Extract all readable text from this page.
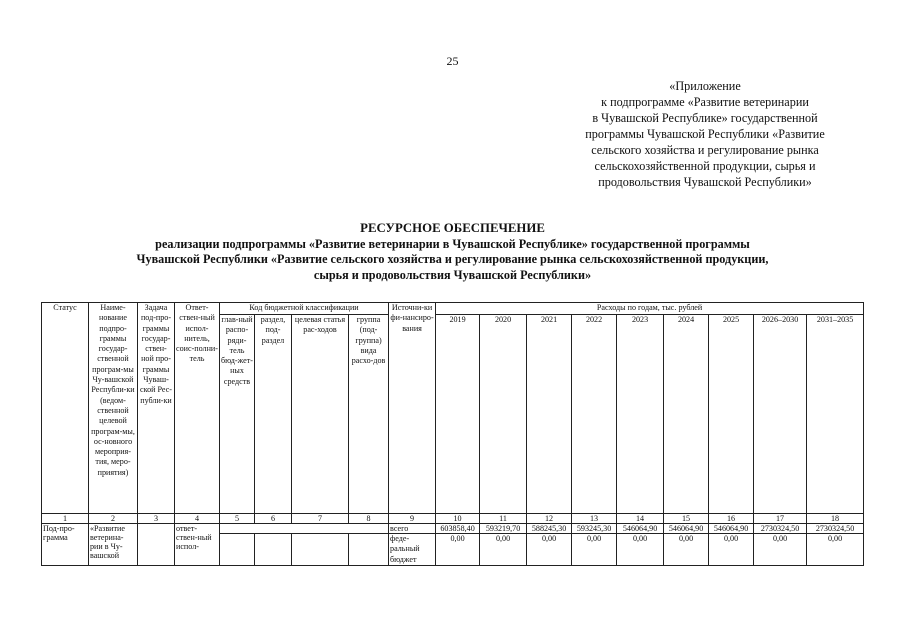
25
«Приложение
к подпрограмме «Развитие ветеринарии
в Чувашской Республике» государственной
программы Чувашской Республики «Развитие
сельского хозяйства и регулирование рынка
сельскохозяйственной продукции, сырья и
продовольствия Чувашской Республики»
РЕСУРСНОЕ ОБЕСПЕЧЕНИЕ
реализации подпрограммы «Развитие ветеринарии в Чувашской Республике» государственной программы
Чувашской Республики «Развитие сельского хозяйства и регулирование рынка сельскохозяйственной продукции,
сырья и продовольствия Чувашской Республики»
Статус	Наиме-нование подпро-граммы государ-ственной програм-мы Чу-вашской Республи-ки (ведом-ственной целевой програм-мы, ос-новного мероприя-тия, меро-приятия)	Задача под-про-граммы государ-ствен-ной про-граммы Чуваш-ской Рес-публи-ки	Ответ-ствен-ный испол-нитель, соис-полни-тель	Код бюджетной классификации				Источни-ки фи-нансиро-вания	Расходы по годам, тыс. рублей								
				глав-ный распо-ряди-тель бюд-жет-ных средств	раздел, под-раздел	целевая статья рас-ходов	группа (под-группа) вида расхо-дов		2019	2020	2021	2022	2023	2024	2025	2026–2030	2031–2035
1	2	3	4	5	6	7	8	9	10	11	12	13	14	15	16	17	18
Под-про-грамма	«Развитие ветерина-рии в Чу-вашской		ответ-ствен-ный испол-					всего	603858,40	593219,70	588245,30	593245,30	546064,90	546064,90	546064,90	2730324,50	2730324,50
								феде-ральный бюджет	0,00	0,00	0,00	0,00	0,00	0,00	0,00	0,00	0,00
